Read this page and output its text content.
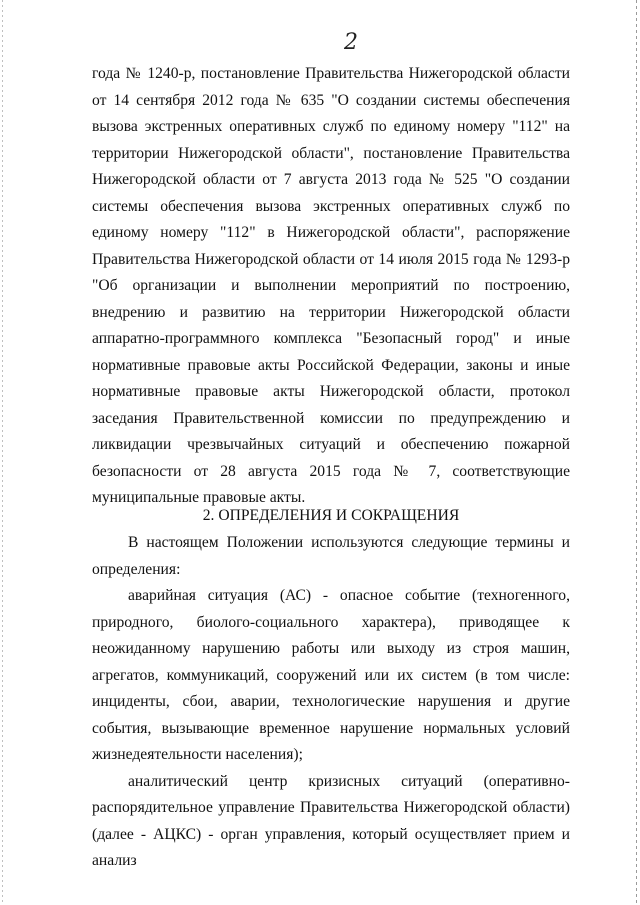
2

года № 1240-р, постановление Правительства Нижегородской области от 14 сентября 2012 года № 635 "О создании системы обеспечения вызова экстренных оперативных служб по единому номеру "112" на территории Нижегородской области", постановление Правительства Нижегородской области от 7 августа 2013 года № 525 "О создании системы обеспечения вызова экстренных оперативных служб по единому номеру "112" в Нижегородской области", распоряжение Правительства Нижегородской области от 14 июля 2015 года № 1293-р "Об организации и выполнении мероприятий по построению, внедрению и развитию на территории Нижегородской области аппаратно-программного комплекса "Безопасный город" и иные нормативные правовые акты Российской Федерации, законы и иные нормативные правовые акты Нижегородской области, протокол заседания Правительственной комиссии по предупреждению и ликвидации чрезвычайных ситуаций и обеспечению пожарной безопасности от 28 августа 2015 года № 7, соответствующие муниципальные правовые акты.

2. ОПРЕДЕЛЕНИЯ И СОКРАЩЕНИЯ

В настоящем Положении используются следующие термины и определения:

аварийная ситуация (АС) - опасное событие (техногенного, природного, биолого-социального характера), приводящее к неожиданному нарушению работы или выходу из строя машин, агрегатов, коммуникаций, сооружений или их систем (в том числе: инциденты, сбои, аварии, технологические нарушения и другие события, вызывающие временное нарушение нормальных условий жизнедеятельности населения);

аналитический центр кризисных ситуаций (оперативно-распорядительное управление Правительства Нижегородской области) (далее - АЦКС) - орган управления, который осуществляет прием и анализ
